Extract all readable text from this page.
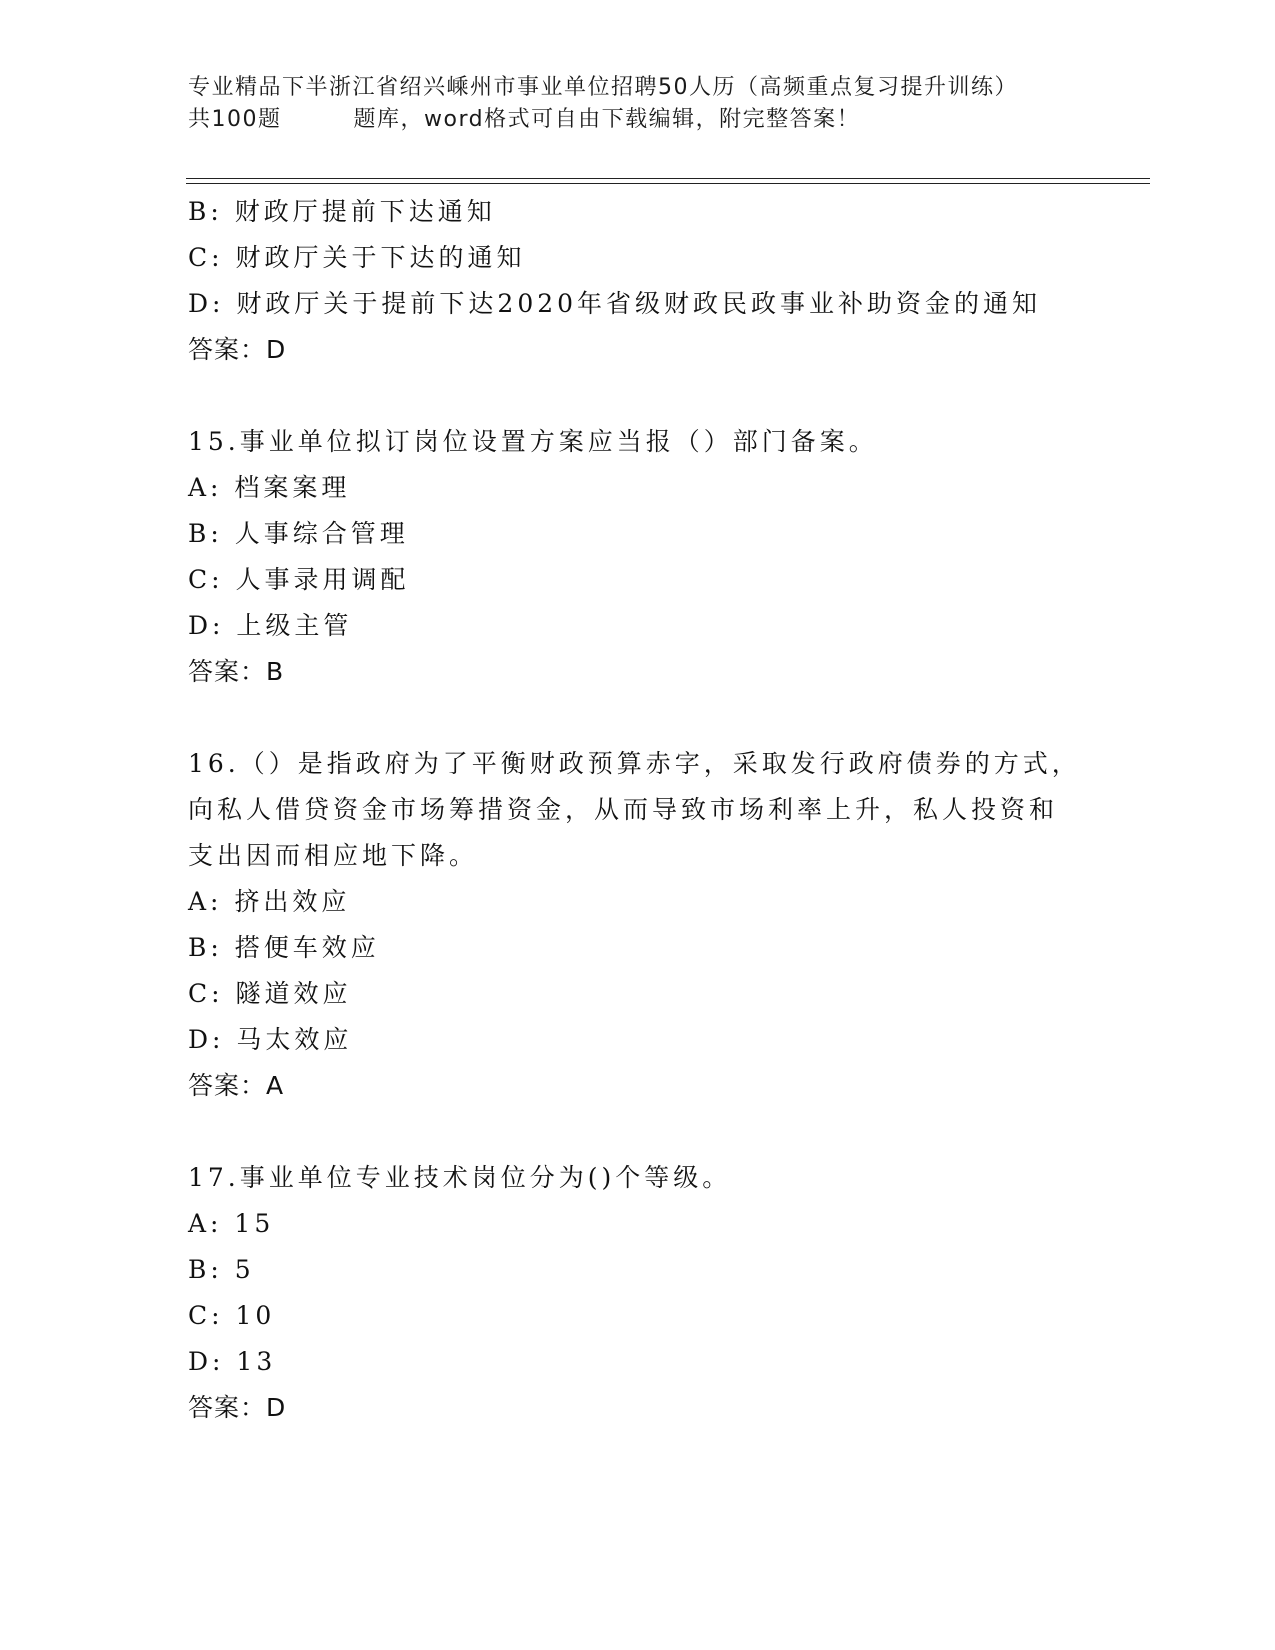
专业精品下半浙江省绍兴嵊州市事业单位招聘50人历（高频重点复习提升训练）
共100题	题库，word格式可自由下载编辑，附完整答案！
B: 财政厅提前下达通知
C: 财政厅关于下达的通知
D: 财政厅关于提前下达2020年省级财政民政事业补助资金的通知
答案：D
15.事业单位拟订岗位设置方案应当报（）部门备案。
A: 档案案理
B: 人事综合管理
C: 人事录用调配
D: 上级主管
答案：B
16.（）是指政府为了平衡财政预算赤字，采取发行政府债券的方式，
向私人借贷资金市场筹措资金，从而导致市场利率上升，私人投资和
支出因而相应地下降。
A: 挤出效应
B: 搭便车效应
C: 隧道效应
D: 马太效应
答案：A
17.事业单位专业技术岗位分为()个等级。
A: 15
B: 5
C: 10
D: 13
答案：D
